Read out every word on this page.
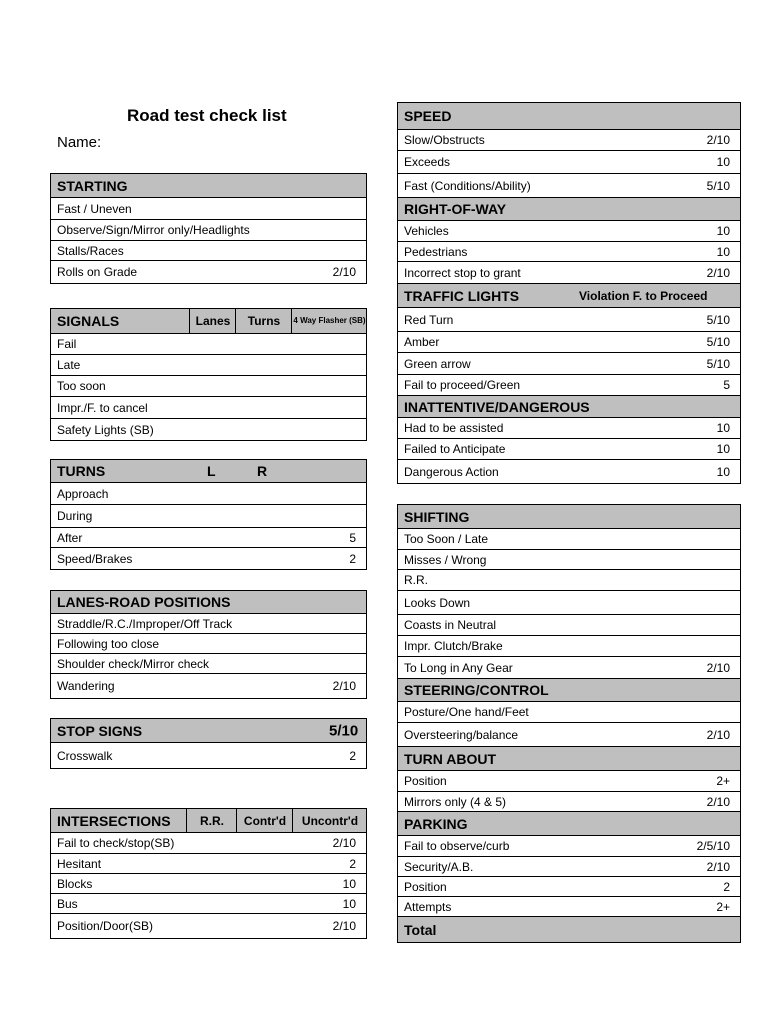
Road test check list
Name:
STARTING
Fast / Uneven
Observe/Sign/Mirror only/Headlights
Stalls/Races
Rolls on Grade	2/10
SIGNALS	Lanes	Turns	4 Way Flasher (SB)
Fail
Late
Too soon
Impr./F. to cancel
Safety Lights (SB)
TURNS	L	R
Approach
During
After	5
Speed/Brakes	2
LANES-ROAD POSITIONS
Straddle/R.C./Improper/Off Track
Following too close
Shoulder check/Mirror check
Wandering	2/10
STOP SIGNS	5/10
Crosswalk	2
INTERSECTIONS	R.R.	Contr'd	Uncontr'd
Fail to check/stop(SB)	2/10
Hesitant	2
Blocks	10
Bus	10
Position/Door(SB)	2/10
SPEED
Slow/Obstructs	2/10
Exceeds	10
Fast (Conditions/Ability)	5/10
RIGHT-OF-WAY
Vehicles	10
Pedestrians	10
Incorrect stop to grant	2/10
TRAFFIC LIGHTS	Violation F. to Proceed
Red Turn	5/10
Amber	5/10
Green arrow	5/10
Fail to proceed/Green	5
INATTENTIVE/DANGEROUS
Had to be assisted	10
Failed to Anticipate	10
Dangerous Action	10
SHIFTING
Too Soon / Late
Misses / Wrong
R.R.
Looks Down
Coasts in Neutral
Impr. Clutch/Brake
To Long in Any Gear	2/10
STEERING/CONTROL
Posture/One hand/Feet
Oversteering/balance	2/10
TURN ABOUT
Position	2+
Mirrors only (4 & 5)	2/10
PARKING
Fail to observe/curb	2/5/10
Security/A.B.	2/10
Position	2
Attempts	2+
Total
